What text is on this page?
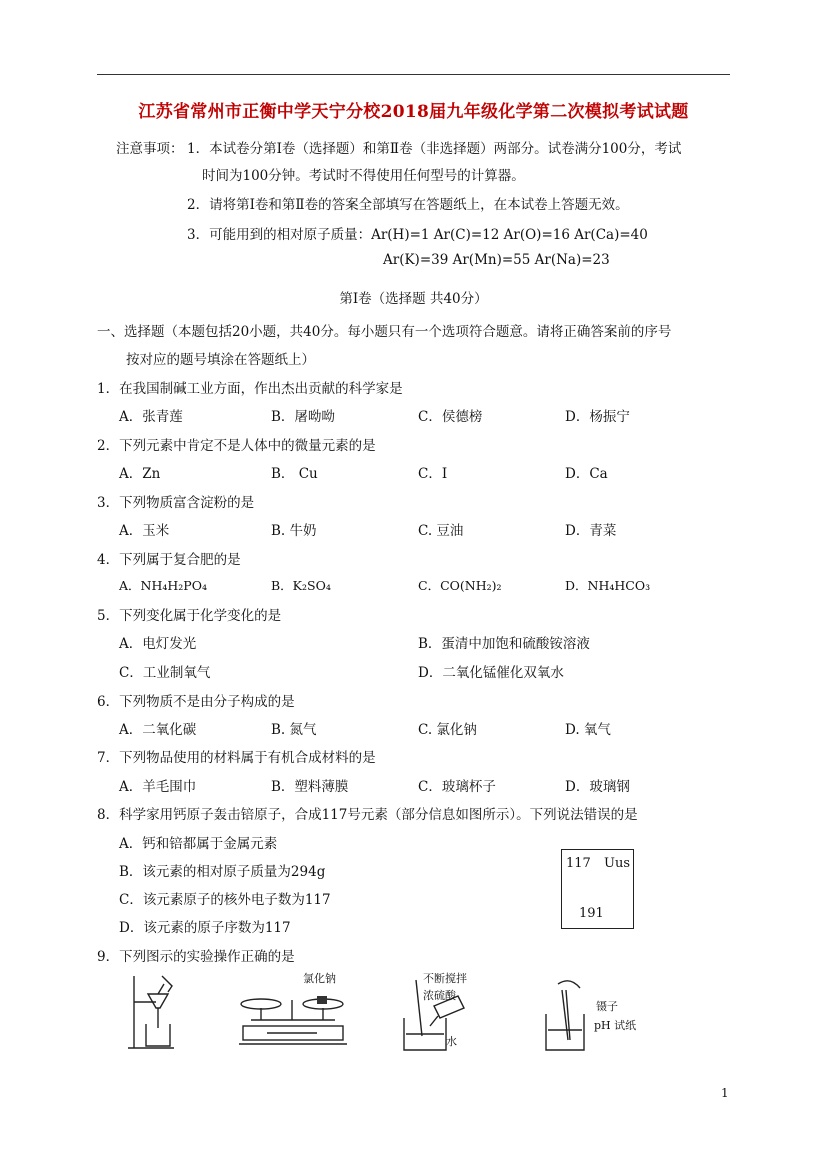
江苏省常州市正衡中学天宁分校2018届九年级化学第二次模拟考试试题
注意事项： 1．本试卷分第Ⅰ卷（选择题）和第Ⅱ卷（非选择题）两部分。试卷满分100分，考试
时间为100分钟。考试时不得使用任何型号的计算器。
2．请将第Ⅰ卷和第Ⅱ卷的答案全部填写在答题纸上，在本试卷上答题无效。
3．可能用到的相对原子质量：Ar(H)=1 Ar(C)=12 Ar(O)=16 Ar(Ca)=40
Ar(K)=39 Ar(Mn)=55 Ar(Na)=23
第Ⅰ卷（选择题 共40分）
一、选择题（本题包括20小题，共40分。每小题只有一个选项符合题意。请将正确答案前的序号
按对应的题号填涂在答题纸上）
1．在我国制碱工业方面，作出杰出贡献的科学家是
A．张青莲	B．屠呦呦	C．侯德榜	D．杨振宁
2．下列元素中肯定不是人体中的微量元素的是
A．Zn	B． Cu	C．I	D．Ca
3．下列物质富含淀粉的是
A．玉米	B. 牛奶	C. 豆油	D．青菜
4．下列属于复合肥的是
A．NH₄H₂PO₄	B．K₂SO₄	C．CO(NH₂)₂	D．NH₄HCO₃
5．下列变化属于化学变化的是
A．电灯发光	B．蛋清中加饱和硫酸铵溶液
C．工业制氧气	D．二氧化锰催化双氧水
6．下列物质不是由分子构成的是
A．二氧化碳	B. 氮气	C. 氯化钠	D. 氧气
7．下列物品使用的材料属于有机合成材料的是
A．羊毛围巾	B．塑料薄膜	C．玻璃杯子	D．玻璃钢
8．科学家用钙原子轰击锫原子，合成117号元素（部分信息如图所示）。下列说法错误的是
A．钙和锫都属于金属元素
B．该元素的相对原子质量为294g
C．该元素原子的核外电子数为117
D．该元素的原子序数为117
117 Uus
191
9．下列图示的实验操作正确的是
氯化钠	不断搅拌
浓硫酸
水
镊子
pH 试纸
1
